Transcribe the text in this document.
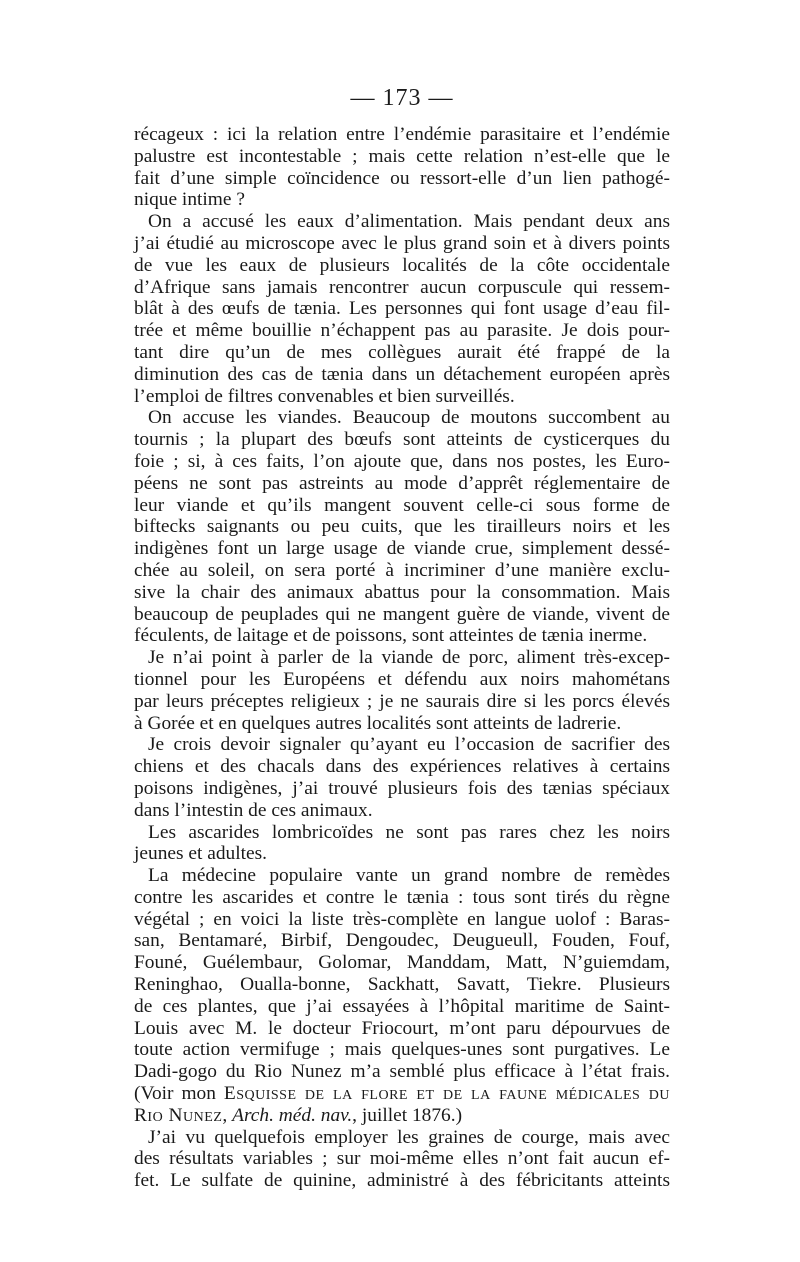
— 173 —
récageux : ici la relation entre l’endémie parasitaire et l’endémie
palustre est incontestable ; mais cette relation n’est-elle que le
fait d’une simple coïncidence ou ressort-elle d’un lien pathogé-
nique intime ?
On a accusé les eaux d’alimentation. Mais pendant deux ans
j’ai étudié au microscope avec le plus grand soin et à divers points
de vue les eaux de plusieurs localités de la côte occidentale
d’Afrique sans jamais rencontrer aucun corpuscule qui ressem-
blât à des œufs de tænia. Les personnes qui font usage d’eau fil-
trée et même bouillie n’échappent pas au parasite. Je dois pour-
tant dire qu’un de mes collègues aurait été frappé de la
diminution des cas de tænia dans un détachement européen après
l’emploi de filtres convenables et bien surveillés.
On accuse les viandes. Beaucoup de moutons succombent au
tournis ; la plupart des bœufs sont atteints de cysticerques du
foie ; si, à ces faits, l’on ajoute que, dans nos postes, les Euro-
péens ne sont pas astreints au mode d’apprêt réglementaire de
leur viande et qu’ils mangent souvent celle-ci sous forme de
biftecks saignants ou peu cuits, que les tirailleurs noirs et les
indigènes font un large usage de viande crue, simplement dessé-
chée au soleil, on sera porté à incriminer d’une manière exclu-
sive la chair des animaux abattus pour la consommation. Mais
beaucoup de peuplades qui ne mangent guère de viande, vivent de
féculents, de laitage et de poissons, sont atteintes de tænia inerme.
Je n’ai point à parler de la viande de porc, aliment très-excep-
tionnel pour les Européens et défendu aux noirs mahométans
par leurs préceptes religieux ; je ne saurais dire si les porcs élevés
à Gorée et en quelques autres localités sont atteints de ladrerie.
Je crois devoir signaler qu’ayant eu l’occasion de sacrifier des
chiens et des chacals dans des expériences relatives à certains
poisons indigènes, j’ai trouvé plusieurs fois des tænias spéciaux
dans l’intestin de ces animaux.
Les ascarides lombricoïdes ne sont pas rares chez les noirs
jeunes et adultes.
La médecine populaire vante un grand nombre de remèdes
contre les ascarides et contre le tænia : tous sont tirés du règne
végétal ; en voici la liste très-complète en langue uolof : Baras-
san, Bentamaré, Birbif, Dengoudec, Deugueull, Fouden, Fouf,
Founé, Guélembaur, Golomar, Manddam, Matt, N’guiemdam,
Reninghao, Oualla-bonne, Sackhatt, Savatt, Tiekre. Plusieurs
de ces plantes, que j’ai essayées à l’hôpital maritime de Saint-
Louis avec M. le docteur Friocourt, m’ont paru dépourvues de
toute action vermifuge ; mais quelques-unes sont purgatives. Le
Dadi-gogo du Rio Nunez m’a semblé plus efficace à l’état frais.
(Voir mon Esquisse de la flore et de la faune médicales du
Rio Nunez, Arch. méd. nav., juillet 1876.)
J’ai vu quelquefois employer les graines de courge, mais avec
des résultats variables ; sur moi-même elles n’ont fait aucun ef-
fet. Le sulfate de quinine, administré à des fébricitants atteints
